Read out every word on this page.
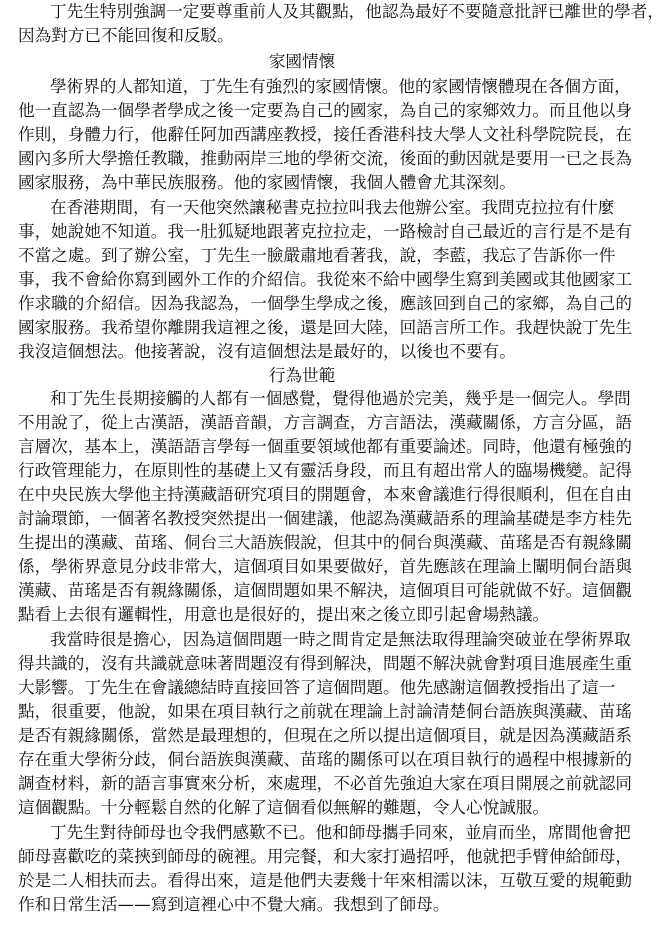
丁先生特別強調一定要尊重前人及其觀點，他認為最好不要隨意批評已離世的學者，
因為對方已不能回復和反駁。
家國情懷
學術界的人都知道，丁先生有強烈的家國情懷。他的家國情懷體現在各個方面，
他一直認為一個學者學成之後一定要為自己的國家，為自己的家鄉效力。而且他以身
作則，身體力行，他辭任阿加西講座教授，接任香港科技大學人文社科學院院長，在
國內多所大學擔任教職，推動兩岸三地的學術交流，後面的動因就是要用一已之長為
國家服務，為中華民族服務。他的家國情懷，我個人體會尤其深刻。
在香港期間，有一天他突然讓秘書克拉拉叫我去他辦公室。我問克拉拉有什麼
事，她說她不知道。我一肚狐疑地跟著克拉拉走，一路檢討自己最近的言行是不是有
不當之處。到了辦公室，丁先生一臉嚴肅地看著我，說，李藍，我忘了告訴你一件
事，我不會給你寫到國外工作的介紹信。我從來不給中國學生寫到美國或其他國家工
作求職的介紹信。因為我認為，一個學生學成之後，應該回到自己的家鄉，為自己的
國家服務。我希望你離開我這裡之後，還是回大陸，回語言所工作。我趕快說丁先生
我沒這個想法。他接著說，沒有這個想法是最好的，以後也不要有。
行為世範
和丁先生長期接觸的人都有一個感覺，覺得他過於完美，幾乎是一個完人。學問
不用說了，從上古漢語，漢語音韻，方言調查，方言語法，漢藏關係，方言分區，語
言層次，基本上，漢語語言學每一個重要領域他都有重要論述。同時，他還有極強的
行政管理能力，在原則性的基礎上又有靈活身段，而且有超出常人的臨場機變。記得
在中央民族大學他主持漢藏語研究項目的開題會，本來會議進行得很順利，但在自由
討論環節，一個著名教授突然提出一個建議，他認為漢藏語系的理論基礎是李方桂先
生提出的漢藏、苗瑤、侗台三大語族假說，但其中的侗台與漢藏、苗瑤是否有親緣關
係，學術界意見分歧非常大，這個項目如果要做好，首先應該在理論上闡明侗台語與
漢藏、苗瑤是否有親緣關係，這個問題如果不解決，這個項目可能就做不好。這個觀
點看上去很有邏輯性，用意也是很好的，提出來之後立即引起會場熱議。
我當時很是擔心，因為這個問題一時之間肯定是無法取得理論突破並在學術界取
得共識的，沒有共識就意味著問題沒有得到解決，問題不解決就會對項目進展產生重
大影響。丁先生在會議總結時直接回答了這個問題。他先感謝這個教授指出了這一
點，很重要，他說，如果在項目執行之前就在理論上討論清楚侗台語族與漢藏、苗瑤
是否有親緣關係，當然是最理想的，但現在之所以提出這個項目，就是因為漢藏語系
存在重大學術分歧，侗台語族與漢藏、苗瑤的關係可以在項目執行的過程中根據新的
調查材料，新的語言事實來分析，來處理，不必首先強迫大家在項目開展之前就認同
這個觀點。十分輕鬆自然的化解了這個看似無解的難題，令人心悅誠服。
丁先生對待師母也令我們感歎不已。他和師母攜手同來，並肩而坐，席間他會把
師母喜歡吃的菜挾到師母的碗裡。用完餐，和大家打過招呼，他就把手臂伸給師母，
於是二人相扶而去。看得出來，這是他們夫妻幾十年來相濡以沫，互敬互愛的規範動
作和日常生活——寫到這裡心中不覺大痛。我想到了師母。
